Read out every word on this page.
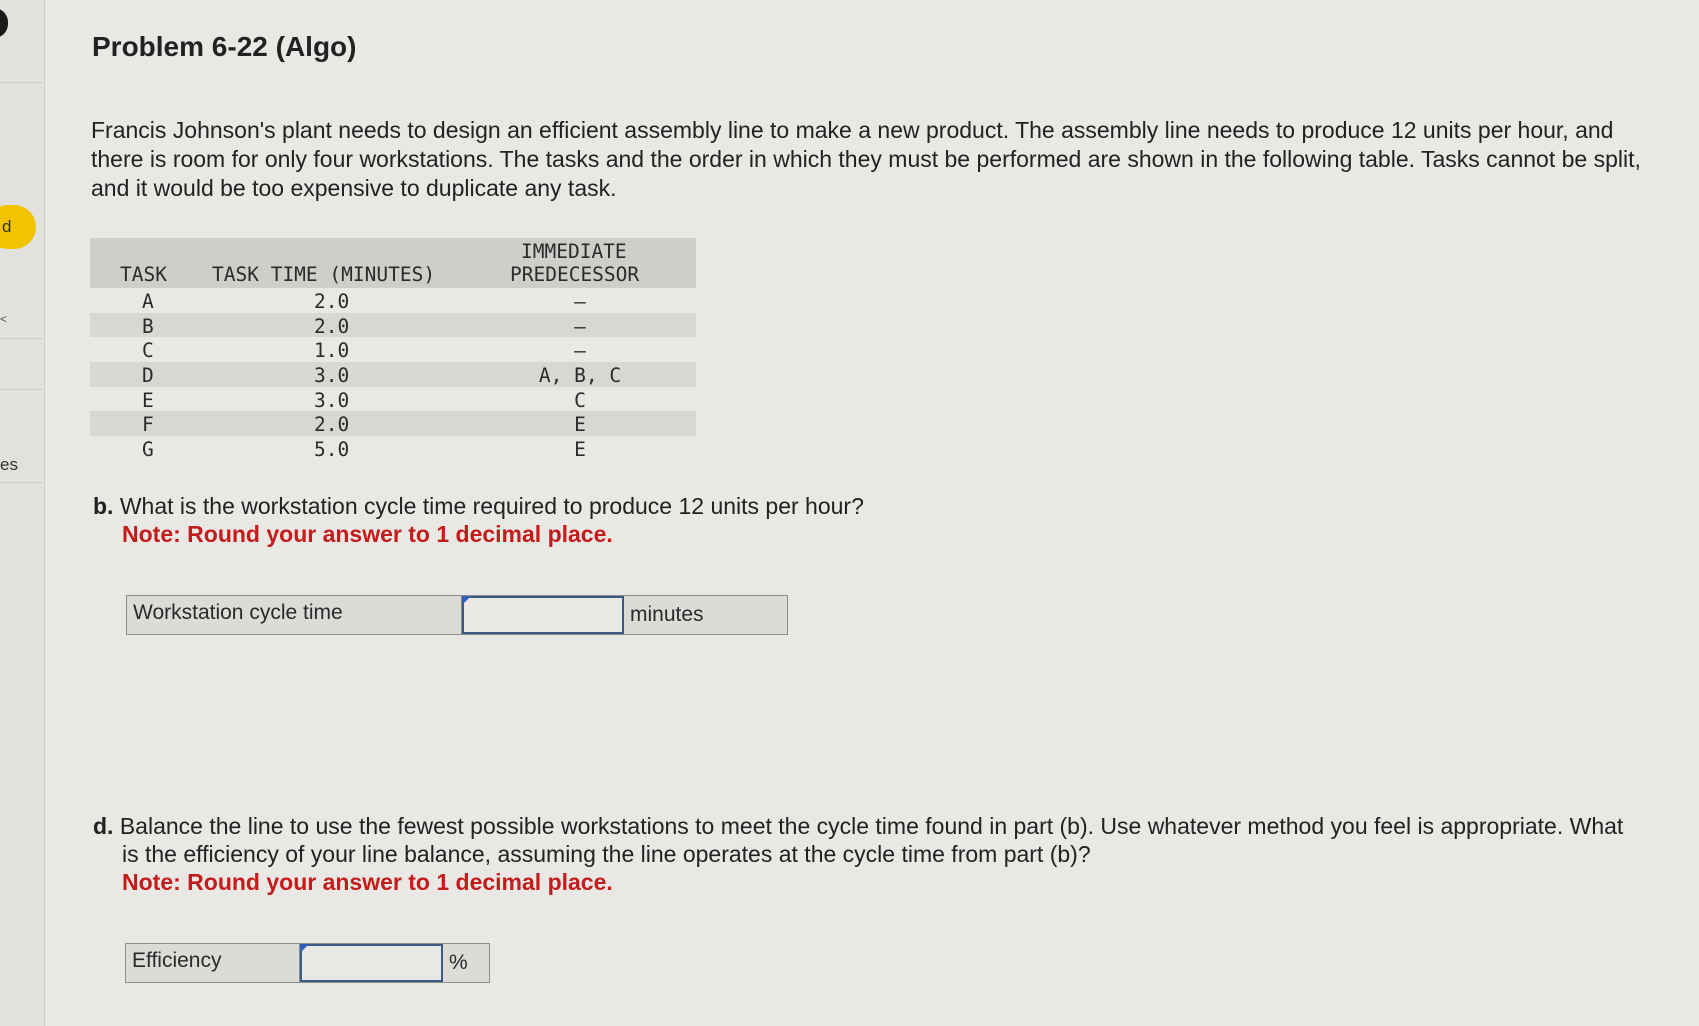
d
<
es
Problem 6-22 (Algo)

Francis Johnson's plant needs to design an efficient assembly line to make a new product. The assembly line needs to produce 12 units per hour, and there is room for only four workstations. The tasks and the order in which they must be performed are shown in the following table. Tasks cannot be split, and it would be too expensive to duplicate any task.

TASK TASK TIME (MINUTES)
IMMEDIATE
PREDECESSOR
A	2.0	–
B	2.0	–
C	1.0	–
D	3.0	A, B, C
E	3.0	C
F	2.0	E
G	5.0	E
b. What is the workstation cycle time required to produce 12 units per hour?
Note: Round your answer to 1 decimal place.
Workstation cycle time	minutes
d. Balance the line to use the fewest possible workstations to meet the cycle time found in part (b). Use whatever method you feel is appropriate. What is the efficiency of your line balance, assuming the line operates at the cycle time from part (b)?
Note: Round your answer to 1 decimal place.
Efficiency	%
